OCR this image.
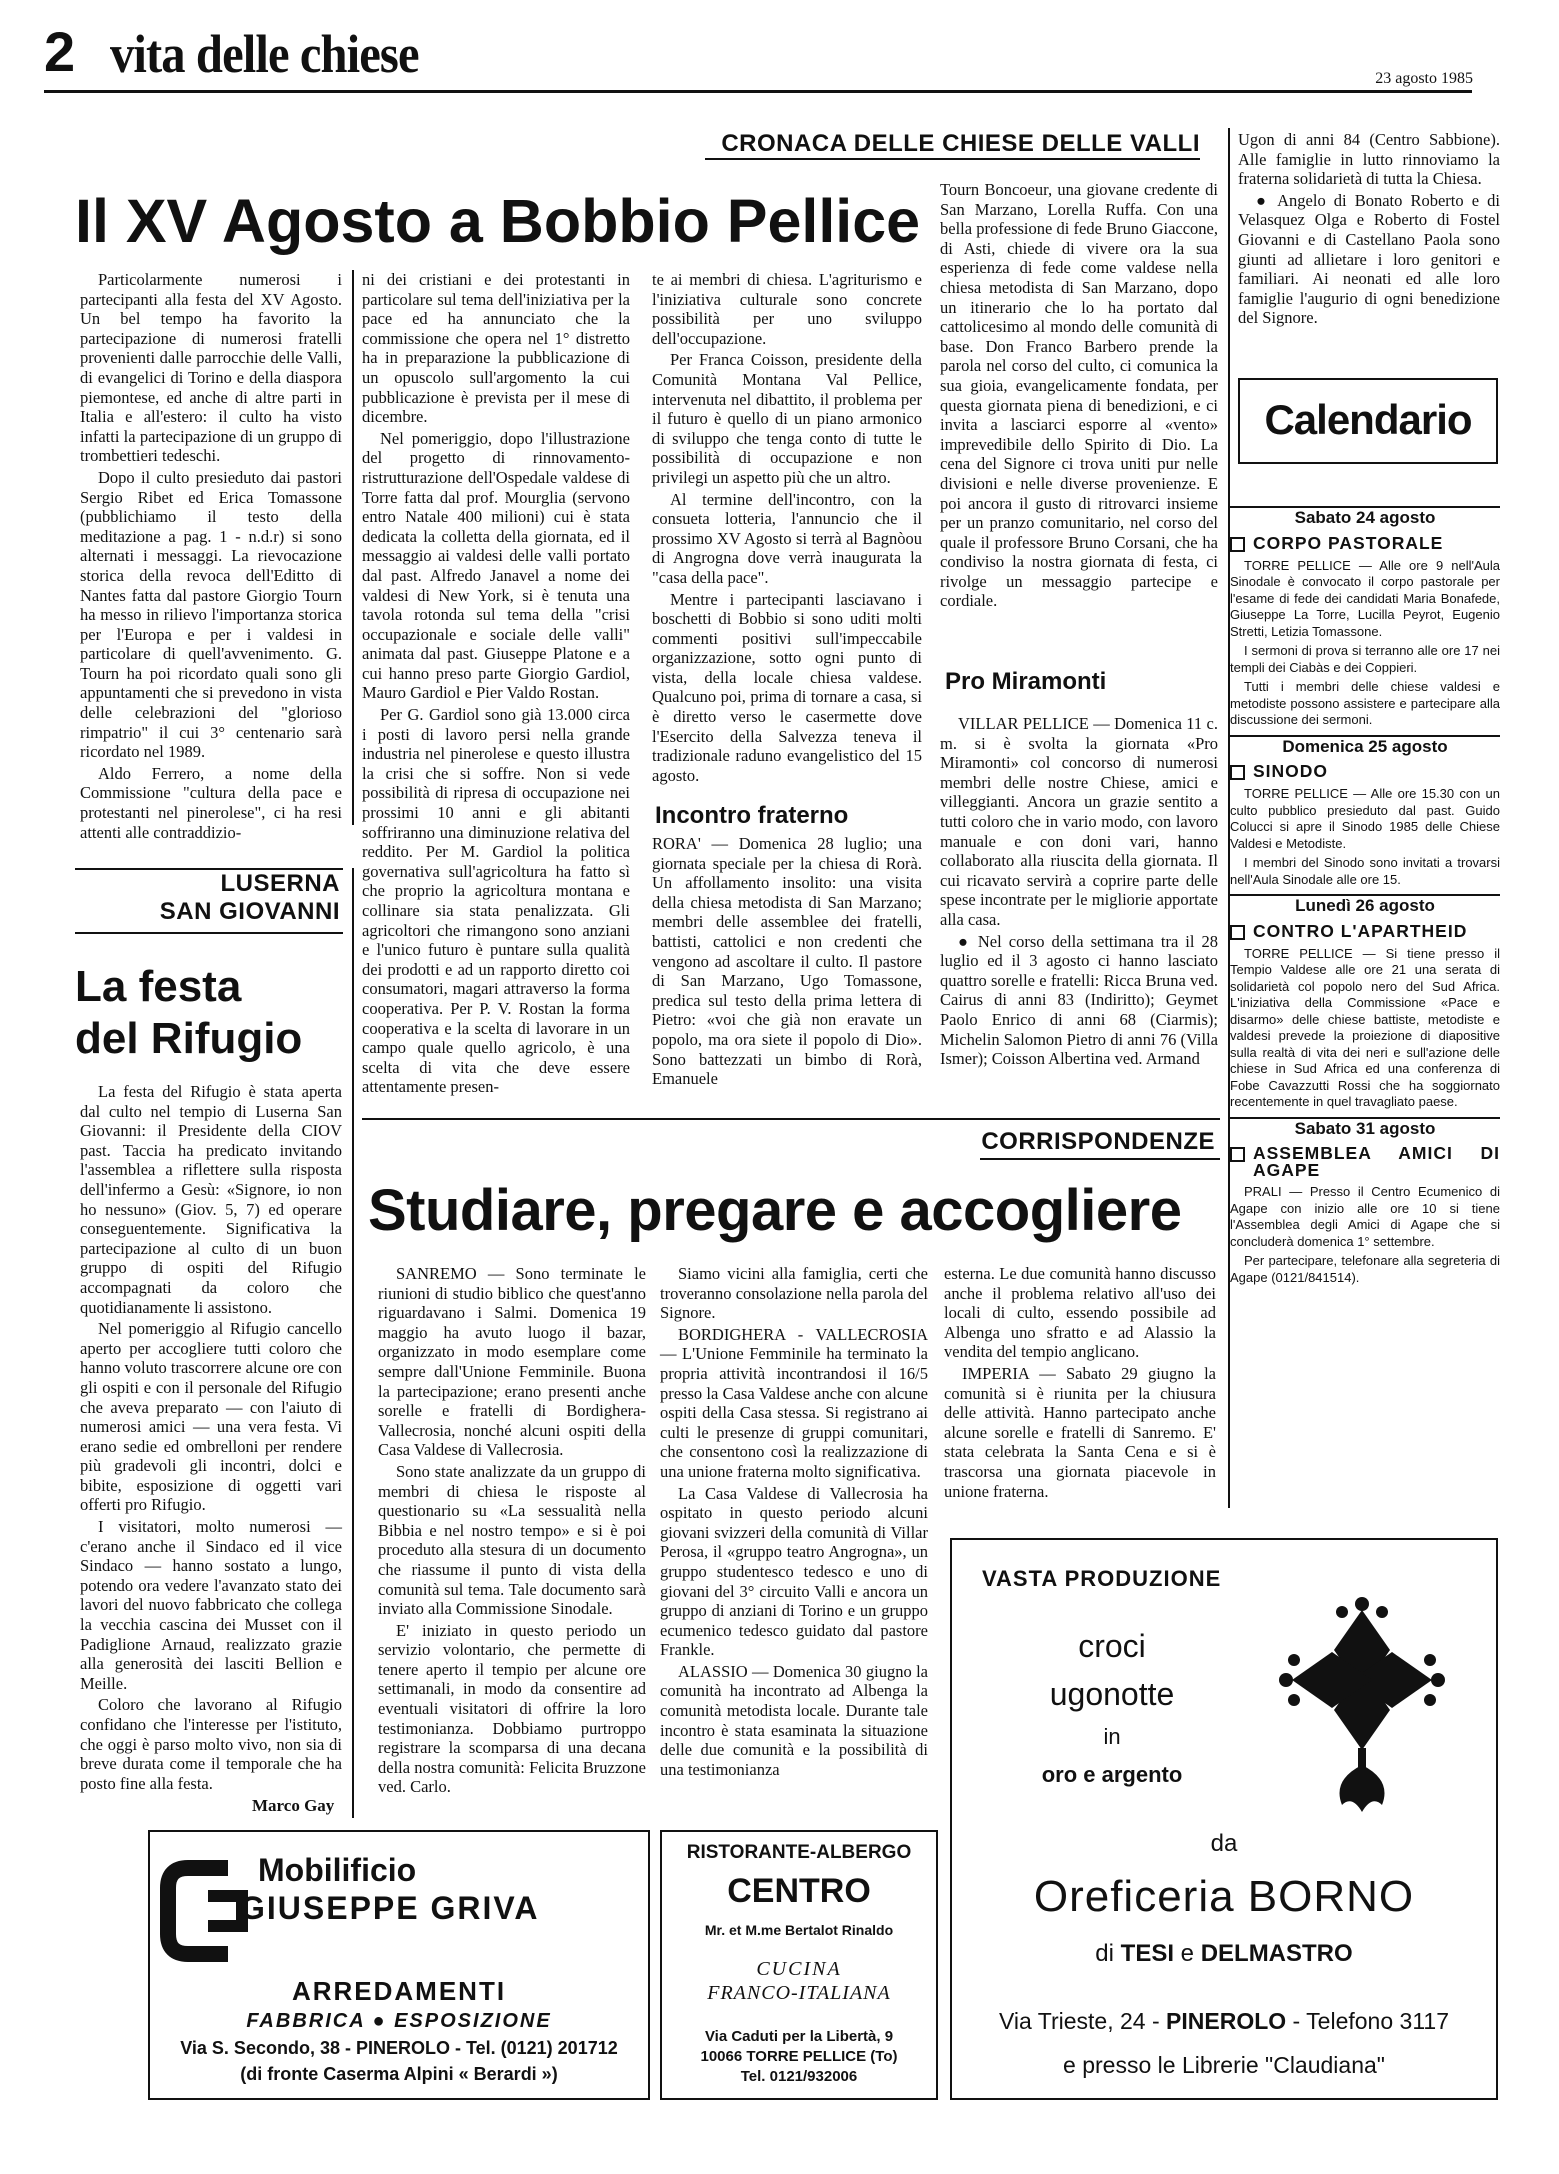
2 vita delle chiese	23 agosto 1985
CRONACA DELLE CHIESE DELLE VALLI
Il XV Agosto a Bobbio Pellice

Particolarmente numerosi i partecipanti alla festa del XV Agosto. Un bel tempo ha favorito la partecipazione di numerosi fratelli provenienti dalle parrocchie delle Valli, di evangelici di Torino e della diaspora piemontese, ed anche di altre parti in Italia e all'estero: il culto ha visto infatti la partecipazione di un gruppo di trombettieri tedeschi.

Dopo il culto presieduto dai pastori Sergio Ribet ed Erica Tomassone (pubblichiamo il testo della meditazione a pag. 1 - n.d.r) si sono alternati i messaggi. La rievocazione storica della revoca dell'Editto di Nantes fatta dal pastore Giorgio Tourn ha messo in rilievo l'importanza storica per l'Europa e per i valdesi in particolare di quell'avvenimento. G. Tourn ha poi ricordato quali sono gli appuntamenti che si prevedono in vista delle celebrazioni del "glorioso rimpatrio" il cui 3° centenario sarà ricordato nel 1989.

Aldo Ferrero, a nome della Commissione "cultura della pace e protestanti nel pinerolese", ci ha resi attenti alle contraddizio-

ni dei cristiani e dei protestanti in particolare sul tema dell'iniziativa per la pace ed ha annunciato che la commissione che opera nel 1° distretto ha in preparazione la pubblicazione di un opuscolo sull'argomento la cui pubblicazione è prevista per il mese di dicembre.

Nel pomeriggio, dopo l'illustrazione del progetto di rinnovamento-ristrutturazione dell'Ospedale valdese di Torre fatta dal prof. Mourglia (servono entro Natale 400 milioni) cui è stata dedicata la colletta della giornata, ed il messaggio ai valdesi delle valli portato dal past. Alfredo Janavel a nome dei valdesi di New York, si è tenuta una tavola rotonda sul tema della "crisi occupazionale e sociale delle valli" animata dal past. Giuseppe Platone e a cui hanno preso parte Giorgio Gardiol, Mauro Gardiol e Pier Valdo Rostan.

Per G. Gardiol sono già 13.000 circa i posti di lavoro persi nella grande industria nel pinerolese e questo illustra la crisi che si soffre. Non si vede possibilità di ripresa di occupazione nei prossimi 10 anni e gli abitanti soffriranno una diminuzione relativa del reddito. Per M. Gardiol la politica governativa sull'agricoltura ha fatto sì che proprio la agricoltura montana e collinare sia stata penalizzata. Gli agricoltori che rimangono sono anziani e l'unico futuro è puntare sulla qualità dei prodotti e ad un rapporto diretto coi consumatori, magari attraverso la forma cooperativa. Per P. V. Rostan la forma cooperativa e la scelta di lavorare in un campo quale quello agricolo, è una scelta di vita che deve essere attentamente presen-

te ai membri di chiesa. L'agriturismo e l'iniziativa culturale sono concrete possibilità per uno sviluppo dell'occupazione.

Per Franca Coisson, presidente della Comunità Montana Val Pellice, intervenuta nel dibattito, il problema per il futuro è quello di un piano armonico di sviluppo che tenga conto di tutte le possibilità di occupazione e non privilegi un aspetto più che un altro.

Al termine dell'incontro, con la consueta lotteria, l'annuncio che il prossimo XV Agosto si terrà al Bagnòou di Angrogna dove verrà inaugurata la "casa della pace".

Mentre i partecipanti lasciavano i boschetti di Bobbio si sono uditi molti commenti positivi sull'impeccabile organizzazione, sotto ogni punto di vista, della locale chiesa valdese. Qualcuno poi, prima di tornare a casa, si è diretto verso le casermette dove l'Esercito della Salvezza teneva il tradizionale raduno evangelistico del 15 agosto.

Incontro fraterno

RORA' — Domenica 28 luglio; una giornata speciale per la chiesa di Rorà. Un affollamento insolito: una visita della chiesa metodista di San Marzano; membri delle assemblee dei fratelli, battisti, cattolici e non credenti che vengono ad ascoltare il culto. Il pastore di San Marzano, Ugo Tomassone, predica sul testo della prima lettera di Pietro: «voi che già non eravate un popolo, ma ora siete il popolo di Dio». Sono battezzati un bimbo di Rorà, Emanuele

Tourn Boncoeur, una giovane credente di San Marzano, Lorella Ruffa. Con una bella professione di fede Bruno Giaccone, di Asti, chiede di vivere ora la sua esperienza di fede come valdese nella chiesa metodista di San Marzano, dopo un itinerario che lo ha portato dal cattolicesimo al mondo delle comunità di base. Don Franco Barbero prende la parola nel corso del culto, ci comunica la sua gioia, evangelicamente fondata, per questa giornata piena di benedizioni, e ci invita a lasciarci esporre al «vento» imprevedibile dello Spirito di Dio. La cena del Signore ci trova uniti pur nelle divisioni e nelle diverse provenienze. E poi ancora il gusto di ritrovarci insieme per un pranzo comunitario, nel corso del quale il professore Bruno Corsani, che ha condiviso la nostra giornata di festa, ci rivolge un messaggio partecipe e cordiale.

Pro Miramonti

VILLAR PELLICE — Domenica 11 c. m. si è svolta la giornata «Pro Miramonti» col concorso di numerosi membri delle nostre Chiese, amici e villeggianti. Ancora un grazie sentito a tutti coloro che in vario modo, con lavoro manuale e con doni vari, hanno collaborato alla riuscita della giornata. Il cui ricavato servirà a coprire parte delle spese incontrate per le migliorie apportate alla casa.

● Nel corso della settimana tra il 28 luglio ed il 3 agosto ci hanno lasciato quattro sorelle e fratelli: Ricca Bruna ved. Cairus di anni 83 (Indiritto); Geymet Paolo Enrico di anni 68 (Ciarmis); Michelin Salomon Pietro di anni 76 (Villa Ismer); Coisson Albertina ved. Armand

Ugon di anni 84 (Centro Sabbione). Alle famiglie in lutto rinnoviamo la fraterna solidarietà di tutta la Chiesa.

● Angelo di Bonato Roberto e di Velasquez Olga e Roberto di Fostel Giovanni e di Castellano Paola sono giunti ad allietare i loro genitori e familiari. Ai neonati ed alle loro famiglie l'augurio di ogni benedizione del Signore.

Calendario
Sabato 24 agosto
CORPO PASTORALE

TORRE PELLICE — Alle ore 9 nell'Aula Sinodale è convocato il corpo pastorale per l'esame di fede dei candidati Maria Bonafede, Giuseppe La Torre, Lucilla Peyrot, Eugenio Stretti, Letizia Tomassone.

I sermoni di prova si terranno alle ore 17 nei templi dei Ciabàs e dei Coppieri.

Tutti i membri delle chiese valdesi e metodiste possono assistere e partecipare alla discussione dei sermoni.

Domenica 25 agosto
SINODO

TORRE PELLICE — Alle ore 15.30 con un culto pubblico presieduto dal past. Guido Colucci si apre il Sinodo 1985 delle Chiese Valdesi e Metodiste.

I membri del Sinodo sono invitati a trovarsi nell'Aula Sinodale alle ore 15.

Lunedì 26 agosto
CONTRO L'APARTHEID

TORRE PELLICE — Si tiene presso il Tempio Valdese alle ore 21 una serata di solidarietà col popolo nero del Sud Africa. L'iniziativa della Commissione «Pace e disarmo» delle chiese battiste, metodiste e valdesi prevede la proiezione di diapositive sulla realtà di vita dei neri e sull'azione delle chiese in Sud Africa ed una conferenza di Fobe Cavazzutti Rossi che ha soggiornato recentemente in quel travagliato paese.

Sabato 31 agosto
ASSEMBLEA AMICI DI AGAPE

PRALI — Presso il Centro Ecumenico di Agape con inizio alle ore 10 si tiene l'Assemblea degli Amici di Agape che si concluderà domenica 1° settembre.

Per partecipare, telefonare alla segreteria di Agape (0121/841514).

LUSERNA
SAN GIOVANNI
La festa
del Rifugio

La festa del Rifugio è stata aperta dal culto nel tempio di Luserna San Giovanni: il Presidente della CIOV past. Taccia ha predicato invitando l'assemblea a riflettere sulla risposta dell'infermo a Gesù: «Signore, io non ho nessuno» (Giov. 5, 7) ed operare conseguentemente. Significativa la partecipazione al culto di un buon gruppo di ospiti del Rifugio accompagnati da coloro che quotidianamente li assistono.

Nel pomeriggio al Rifugio cancello aperto per accogliere tutti coloro che hanno voluto trascorrere alcune ore con gli ospiti e con il personale del Rifugio che aveva preparato — con l'aiuto di numerosi amici — una vera festa. Vi erano sedie ed ombrelloni per rendere più gradevoli gli incontri, dolci e bibite, esposizione di oggetti vari offerti pro Rifugio.

I visitatori, molto numerosi — c'erano anche il Sindaco ed il vice Sindaco — hanno sostato a lungo, potendo ora vedere l'avanzato stato dei lavori del nuovo fabbricato che collega la vecchia cascina dei Musset con il Padiglione Arnaud, realizzato grazie alla generosità dei lasciti Bellion e Meille.

Coloro che lavorano al Rifugio confidano che l'interesse per l'istituto, che oggi è parso molto vivo, non sia di breve durata come il temporale che ha posto fine alla festa.

Marco Gay
CORRISPONDENZE
Studiare, pregare e accogliere

SANREMO — Sono terminate le riunioni di studio biblico che quest'anno riguardavano i Salmi. Domenica 19 maggio ha avuto luogo il bazar, organizzato in modo esemplare come sempre dall'Unione Femminile. Buona la partecipazione; erano presenti anche sorelle e fratelli di Bordighera-Vallecrosia, nonché alcuni ospiti della Casa Valdese di Vallecrosia.

Sono state analizzate da un gruppo di membri di chiesa le risposte al questionario su «La sessualità nella Bibbia e nel nostro tempo» e si è poi proceduto alla stesura di un documento che riassume il punto di vista della comunità sul tema. Tale documento sarà inviato alla Commissione Sinodale.

E' iniziato in questo periodo un servizio volontario, che permette di tenere aperto il tempio per alcune ore settimanali, in modo da consentire ad eventuali visitatori di offrire la loro testimonianza. Dobbiamo purtroppo registrare la scomparsa di una decana della nostra comunità: Felicita Bruzzone ved. Carlo.

Siamo vicini alla famiglia, certi che troveranno consolazione nella parola del Signore.

BORDIGHERA - VALLECROSIA — L'Unione Femminile ha terminato la propria attività incontrandosi il 16/5 presso la Casa Valdese anche con alcune ospiti della Casa stessa. Si registrano ai culti le presenze di gruppi comunitari, che consentono così la realizzazione di una unione fraterna molto significativa.

La Casa Valdese di Vallecrosia ha ospitato in questo periodo alcuni giovani svizzeri della comunità di Villar Perosa, il «gruppo teatro Angrogna», un gruppo studentesco tedesco e uno di giovani del 3° circuito Valli e ancora un gruppo di anziani di Torino e un gruppo ecumenico tedesco guidato dal pastore Frankle.

ALASSIO — Domenica 30 giugno la comunità ha incontrato ad Albenga la comunità metodista locale. Durante tale incontro è stata esaminata la situazione delle due comunità e la possibilità di una testimonianza

esterna. Le due comunità hanno discusso anche il problema relativo all'uso dei locali di culto, essendo possibile ad Albenga uno sfratto e ad Alassio la vendita del tempio anglicano.

IMPERIA — Sabato 29 giugno la comunità si è riunita per la chiusura delle attività. Hanno partecipato anche alcune sorelle e fratelli di Sanremo. E' stata celebrata la Santa Cena e si è trascorsa una giornata piacevole in unione fraterna.

Mobilificio
GIUSEPPE GRIVA
ARREDAMENTI
FABBRICA ● ESPOSIZIONE
Via S. Secondo, 38 - PINEROLO - Tel. (0121) 201712
(di fronte Caserma Alpini « Berardi »)
RISTORANTE-ALBERGO
CENTRO
Mr. et M.me Bertalot Rinaldo
CUCINA
FRANCO-ITALIANA
Via Caduti per la Libertà, 9
10066 TORRE PELLICE (To)
Tel. 0121/932006
VASTA PRODUZIONE
croci
ugonotte
in
oro e argento
da
Oreficeria BORNO
di TESI e DELMASTRO
Via Trieste, 24 - PINEROLO - Telefono 3117
e presso le Librerie "Claudiana"
